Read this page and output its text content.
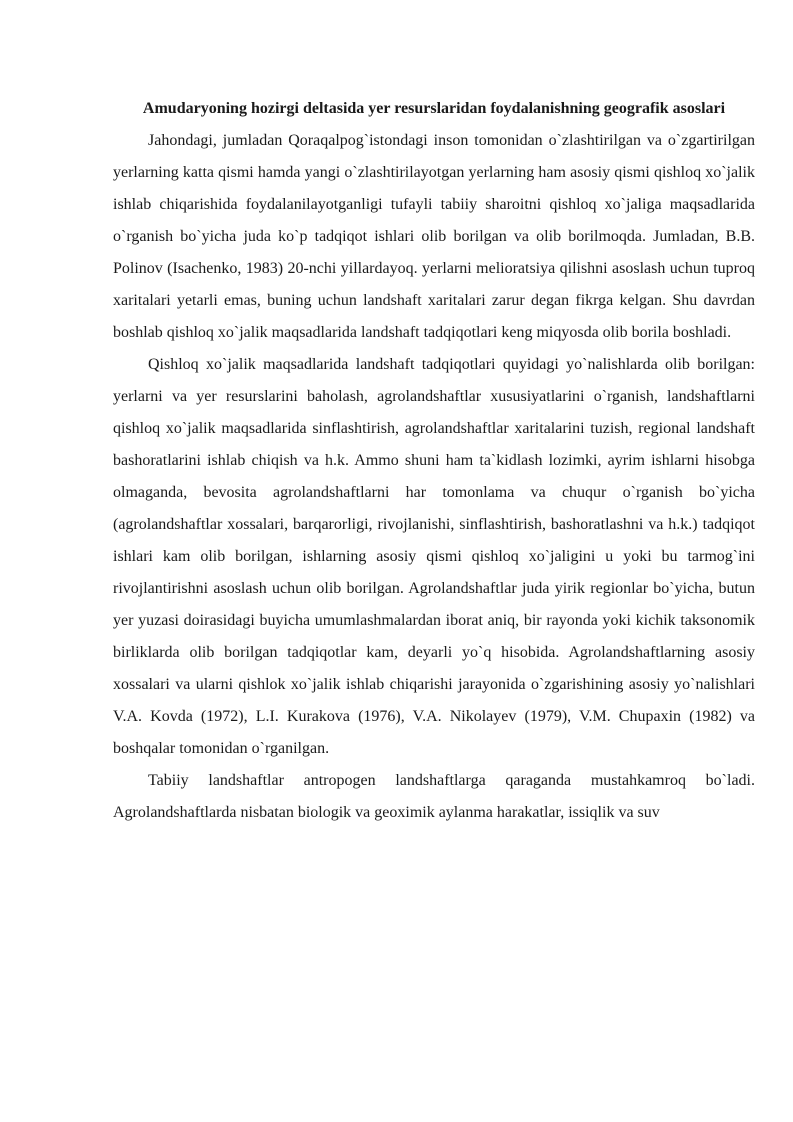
Amudaryoning hozirgi deltasida yer resurslaridan foydalanishning geografik asoslari

Jahondagi, jumladan Qoraqalpog`istondagi inson tomonidan o`zlashtirilgan va o`zgartirilgan yerlarning katta qismi hamda yangi o`zlashtirilayotgan yerlarning ham asosiy qismi qishloq xo`jalik ishlab chiqarishida foydalanilayotganligi tufayli tabiiy sharoitni qishloq xo`jaliga maqsadlarida o`rganish bo`yicha juda ko`p tadqiqot ishlari olib borilgan va olib borilmoqda. Jumladan, B.B. Polinov (Isachenko, 1983) 20-nchi yillardayoq. yerlarni melioratsiya qilishni asoslash uchun tuproq xaritalari yetarli emas, buning uchun landshaft xaritalari zarur degan fikrga kelgan. Shu davrdan boshlab qishloq xo`jalik maqsadlarida landshaft tadqiqotlari keng miqyosda olib borila boshladi.

Qishloq xo`jalik maqsadlarida landshaft tadqiqotlari quyidagi yo`nalishlarda olib borilgan: yerlarni va yer resurslarini baholash, agrolandshaftlar xususiyatlarini o`rganish, landshaftlarni qishloq xo`jalik maqsadlarida sinflashtirish, agrolandshaftlar xaritalarini tuzish, regional landshaft bashoratlarini ishlab chiqish va h.k. Ammo shuni ham ta`kidlash lozimki, ayrim ishlarni hisobga olmaganda, bevosita agrolandshaftlarni har tomonlama va chuqur o`rganish bo`yicha (agrolandshaftlar xossalari, barqarorligi, rivojlanishi, sinflashtirish, bashoratlashni va h.k.) tadqiqot ishlari kam olib borilgan, ishlarning asosiy qismi qishloq xo`jaligini u yoki bu tarmog`ini rivojlantirishni asoslash uchun olib borilgan. Agrolandshaftlar juda yirik regionlar bo`yicha, butun yer yuzasi doirasidagi buyicha umumlashmalardan iborat aniq, bir rayonda yoki kichik taksonomik birliklarda olib borilgan tadqiqotlar kam, deyarli yo`q hisobida. Agrolandshaftlarning asosiy xossalari va ularni qishlok xo`jalik ishlab chiqarishi jarayonida o`zgarishining asosiy yo`nalishlari V.A. Kovda (1972), L.I. Kurakova (1976), V.A. Nikolayev (1979), V.M. Chupaxin (1982) va boshqalar tomonidan o`rganilgan.

Tabiiy landshaftlar antropogen landshaftlarga qaraganda mustahkamroq bo`ladi. Agrolandshaftlarda nisbatan biologik va geoximik aylanma harakatlar, issiqlik va suv
